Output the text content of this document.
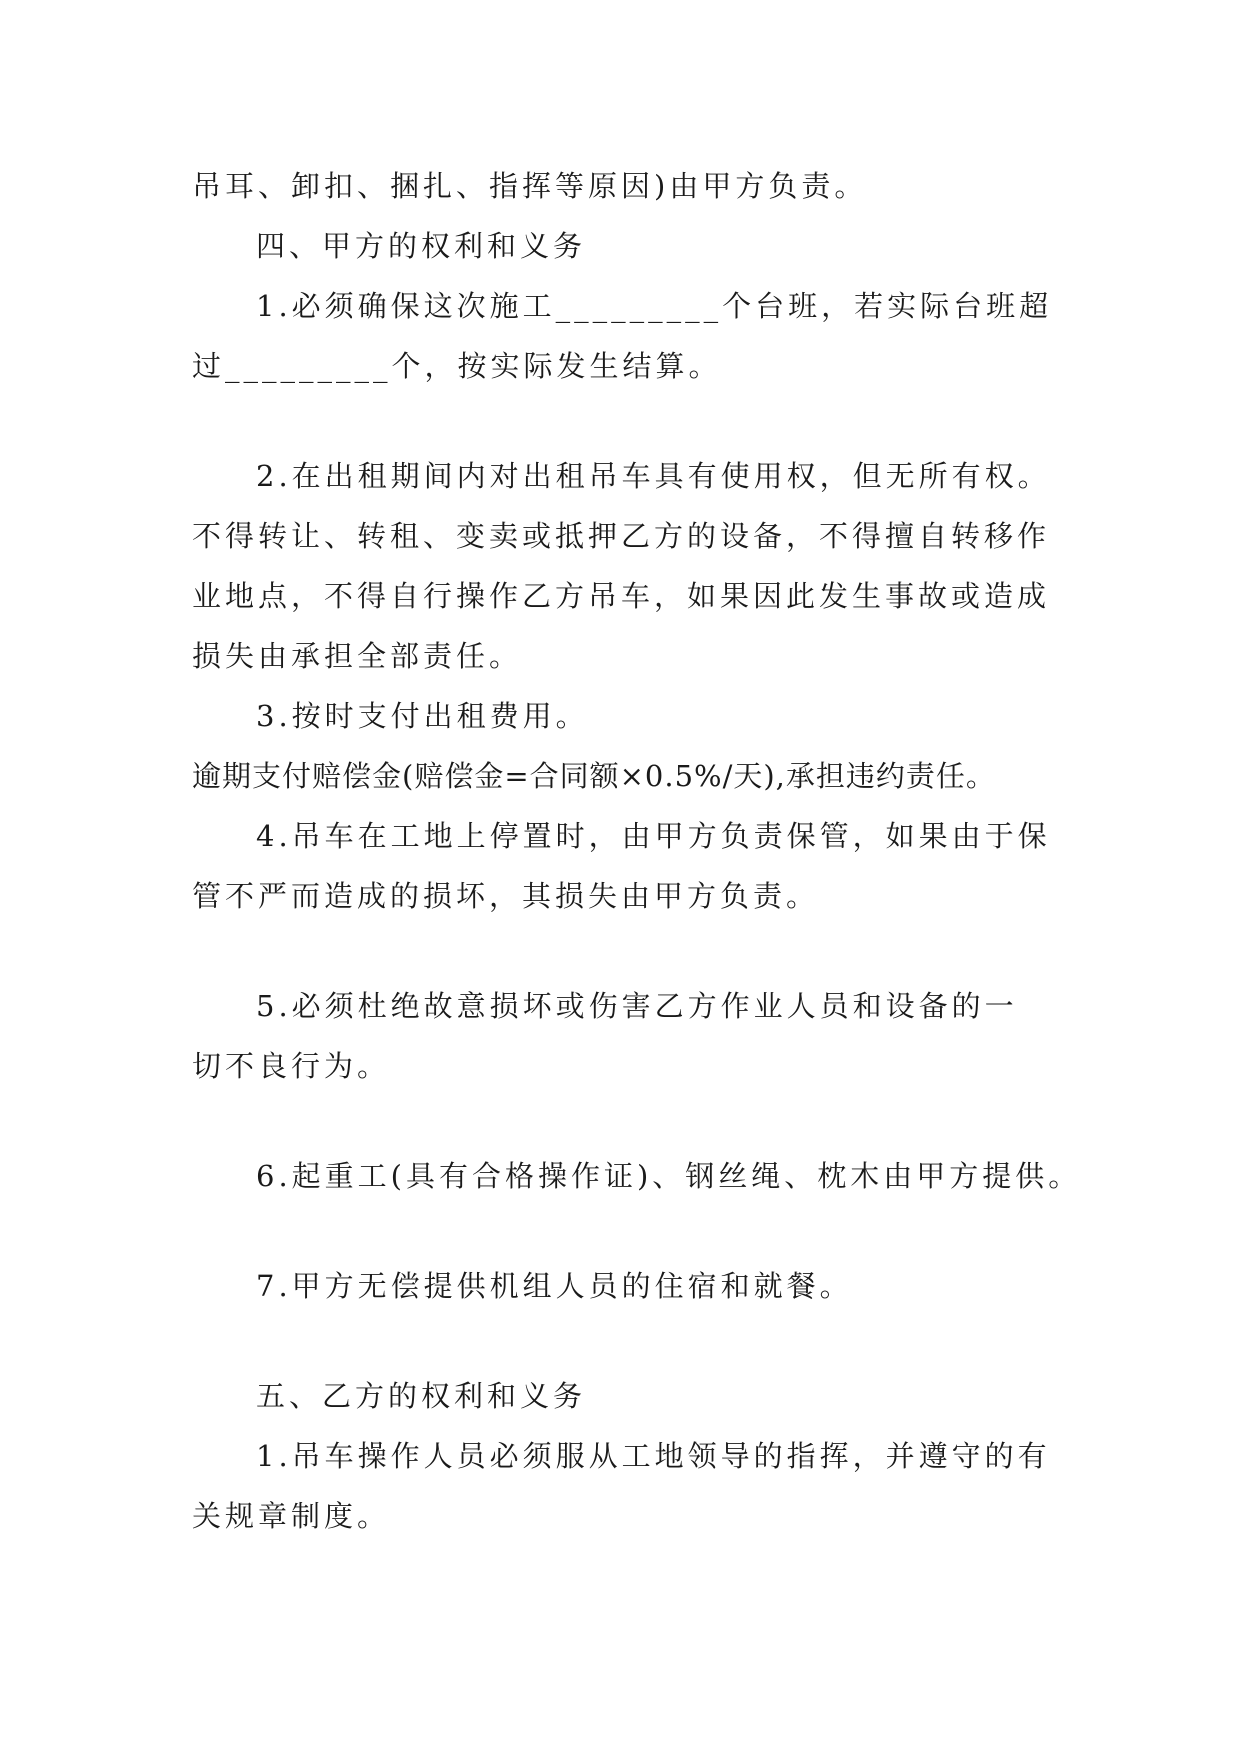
吊耳、卸扣、捆扎、指挥等原因)由甲方负责。

四、甲方的权利和义务

1.必须确保这次施工_________个台班，若实际台班超

过_________个，按实际发生结算。

2.在出租期间内对出租吊车具有使用权，但无所有权。

不得转让、转租、变卖或抵押乙方的设备，不得擅自转移作

业地点，不得自行操作乙方吊车，如果因此发生事故或造成

损失由承担全部责任。

3.按时支付出租费用。

逾期支付赔偿金(赔偿金=合同额×0.5%/天),承担违约责任。

4.吊车在工地上停置时，由甲方负责保管，如果由于保

管不严而造成的损坏，其损失由甲方负责。

5.必须杜绝故意损坏或伤害乙方作业人员和设备的一

切不良行为。

6.起重工(具有合格操作证)、钢丝绳、枕木由甲方提供。

7.甲方无偿提供机组人员的住宿和就餐。

五、乙方的权利和义务

1.吊车操作人员必须服从工地领导的指挥，并遵守的有

关规章制度。
